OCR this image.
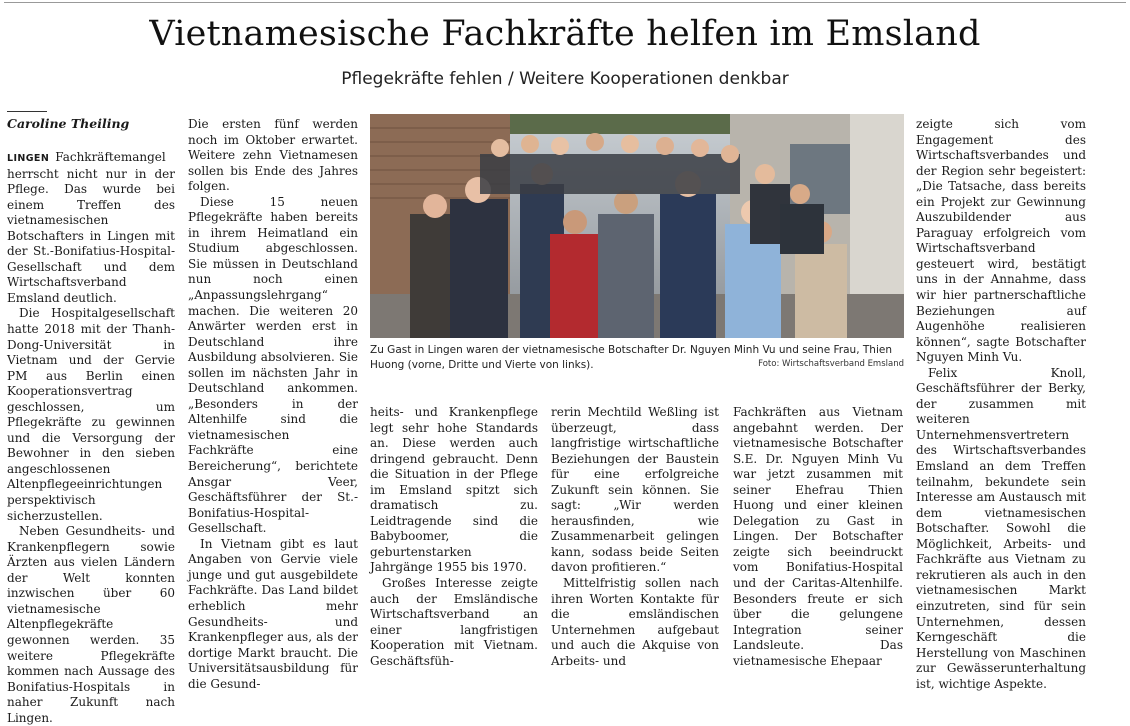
Vietnamesische Fachkräfte helfen im Emsland
Pflegekräfte fehlen / Weitere Kooperationen denkbar
Caroline Theiling

LINGEN Fachkräftemangel herrscht nicht nur in der Pflege. Das wurde bei einem Treffen des vietnamesischen Botschafters in Lingen mit der St.-Bonifatius-Hospital-Gesellschaft und dem Wirtschaftsverband Emsland deutlich.

Die Hospitalgesellschaft hatte 2018 mit der Thanh-Dong-Universität in Vietnam und der Gervie PM aus Berlin einen Kooperationsvertrag geschlossen, um Pflegekräfte zu gewinnen und die Versorgung der Bewohner in den sieben angeschlossenen Altenpflegeeinrichtungen perspektivisch sicherzustellen.

Neben Gesundheits- und Krankenpflegern sowie Ärzten aus vielen Ländern der Welt konnten inzwischen über 60 vietnamesische Altenpflegekräfte gewonnen werden. 35 weitere Pflegekräfte kommen nach Aussage des Bonifatius-Hospitals in naher Zukunft nach Lingen.

Die ersten fünf werden noch im Oktober erwartet. Weitere zehn Vietnamesen sollen bis Ende des Jahres folgen.

Diese 15 neuen Pflegekräfte haben bereits in ihrem Heimatland ein Studium abgeschlossen. Sie müssen in Deutschland nun noch einen „Anpassungslehrgang“ machen. Die weiteren 20 Anwärter werden erst in Deutschland ihre Ausbildung absolvieren. Sie sollen im nächsten Jahr in Deutschland ankommen. „Besonders in der Altenhilfe sind die vietnamesischen Fachkräfte eine Bereicherung“, berichtete Ansgar Veer, Geschäftsführer der St.-Bonifatius-Hospital-Gesellschaft.

In Vietnam gibt es laut Angaben von Gervie viele junge und gut ausgebildete Fachkräfte. Das Land bildet erheblich mehr Gesundheits- und Krankenpfleger aus, als der dortige Markt braucht. Die Universitätsausbildung für die Gesund-

Zu Gast in Lingen waren der vietnamesische Botschafter Dr. Nguyen Minh Vu und seine Frau, Thien Huong (vorne, Dritte und Vierte von links).	Foto: Wirtschaftsverband Emsland

heits- und Krankenpflege legt sehr hohe Standards an. Diese werden auch dringend gebraucht. Denn die Situation in der Pflege im Emsland spitzt sich dramatisch zu. Leidtragende sind die Babyboomer, die geburtenstarken Jahrgänge 1955 bis 1970.

Großes Interesse zeigte auch der Emsländische Wirtschaftsverband an einer langfristigen Kooperation mit Vietnam. Geschäftsfüh-

rerin Mechtild Weßling ist überzeugt, dass langfristige wirtschaftliche Beziehungen der Baustein für eine erfolgreiche Zukunft sein können. Sie sagt: „Wir werden herausfinden, wie Zusammenarbeit gelingen kann, sodass beide Seiten davon profitieren.“

Mittelfristig sollen nach ihren Worten Kontakte für die emsländischen Unternehmen aufgebaut und auch die Akquise von Arbeits- und

Fachkräften aus Vietnam angebahnt werden. Der vietnamesische Botschafter S.E. Dr. Nguyen Minh Vu war jetzt zusammen mit seiner Ehefrau Thien Huong und einer kleinen Delegation zu Gast in Lingen. Der Botschafter zeigte sich beeindruckt vom Bonifatius-Hospital und der Caritas-Altenhilfe. Besonders freute er sich über die gelungene Integration seiner Landsleute. Das vietnamesische Ehepaar

zeigte sich vom Engagement des Wirtschaftsverbandes und der Region sehr begeistert: „Die Tatsache, dass bereits ein Projekt zur Gewinnung Auszubildender aus Paraguay erfolgreich vom Wirtschaftsverband gesteuert wird, bestätigt uns in der Annahme, dass wir hier partnerschaftliche Beziehungen auf Augenhöhe realisieren können“, sagte Botschafter Nguyen Minh Vu.

Felix Knoll, Geschäftsführer der Berky, der zusammen mit weiteren Unternehmensvertretern des Wirtschaftsverbandes Emsland an dem Treffen teilnahm, bekundete sein Interesse am Austausch mit dem vietnamesischen Botschafter. Sowohl die Möglichkeit, Arbeits- und Fachkräfte aus Vietnam zu rekrutieren als auch in den vietnamesischen Markt einzutreten, sind für sein Unternehmen, dessen Kerngeschäft die Herstellung von Maschinen zur Gewässerunterhaltung ist, wichtige Aspekte.
